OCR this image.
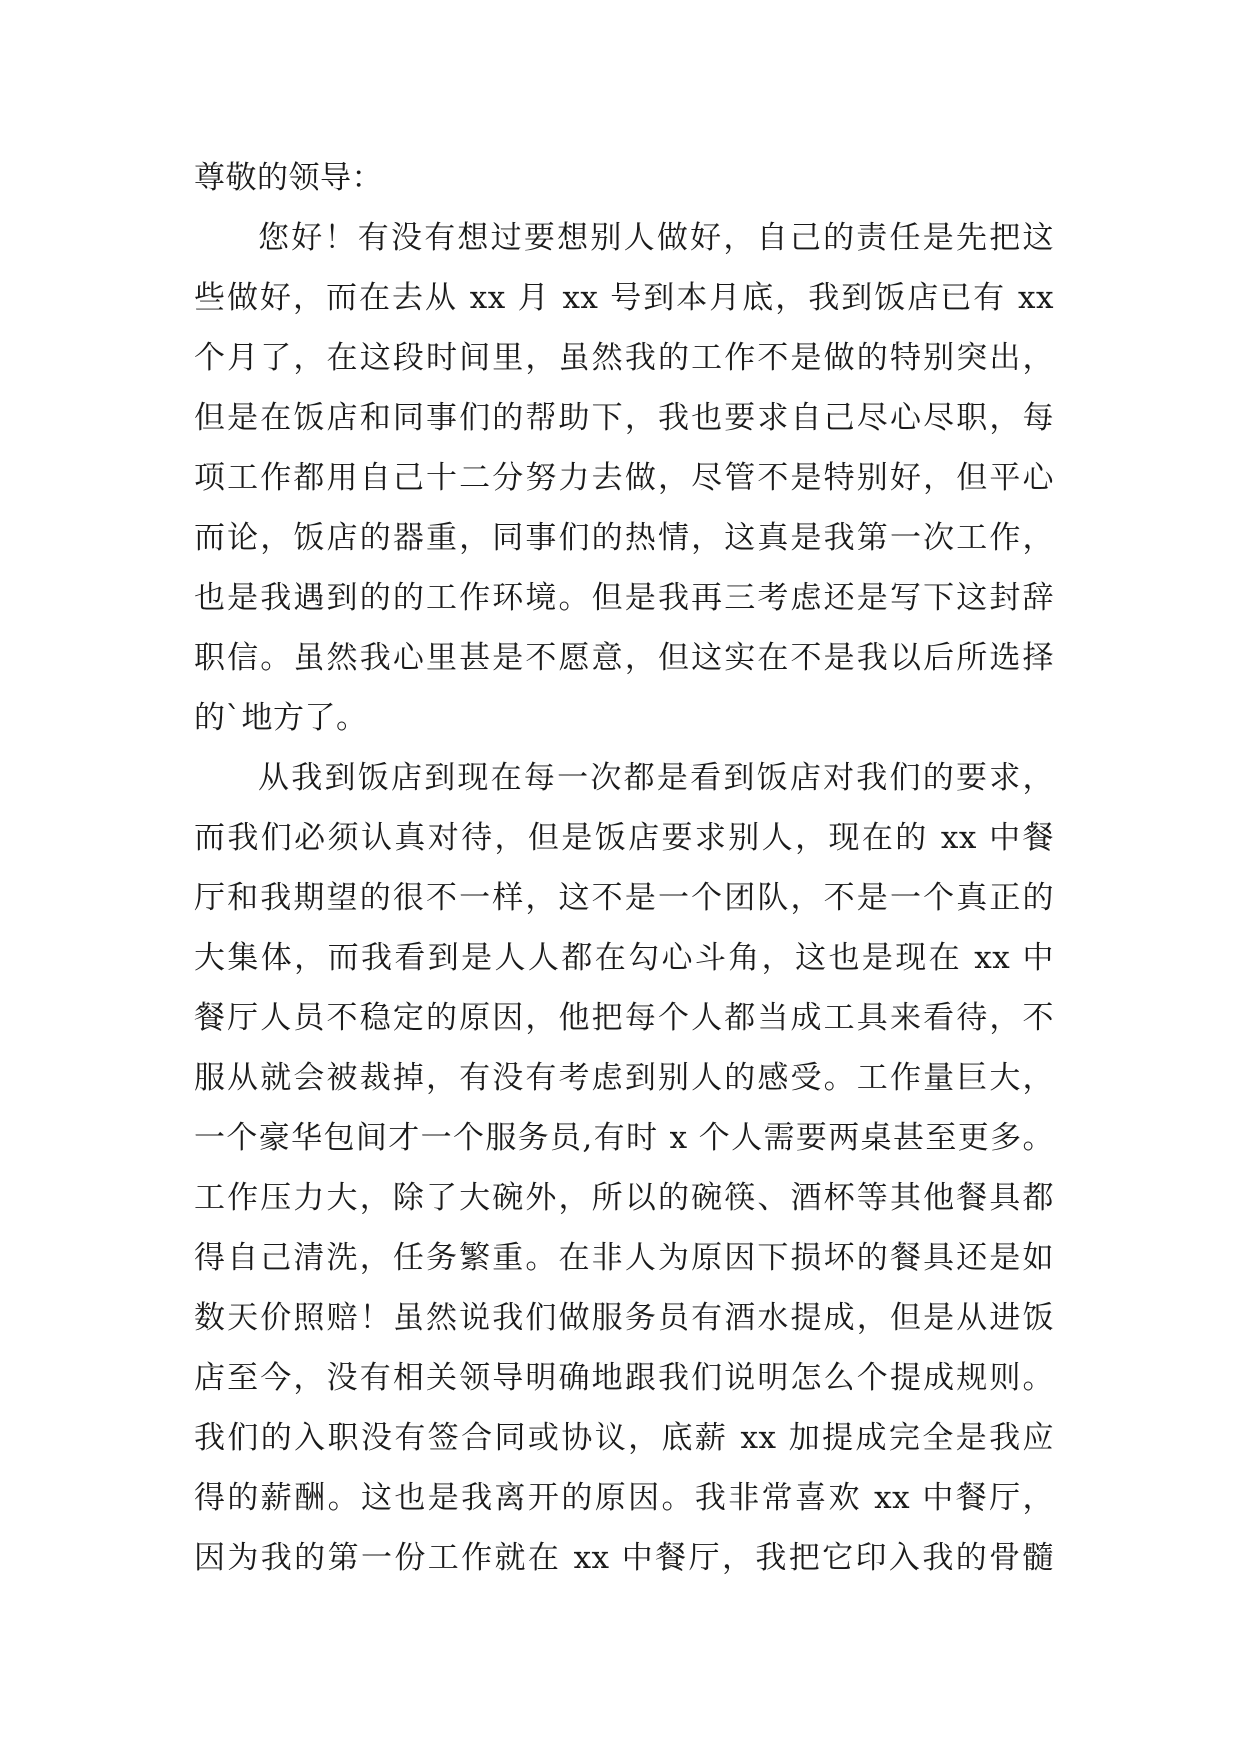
尊敬的领导：
您好！有没有想过要想别人做好，自己的责任是先把这
些做好，而在去从 xx 月 xx 号到本月底，我到饭店已有 xx
个月了，在这段时间里，虽然我的工作不是做的特别突出，
但是在饭店和同事们的帮助下，我也要求自己尽心尽职，每
项工作都用自己十二分努力去做，尽管不是特别好，但平心
而论，饭店的器重，同事们的热情，这真是我第一次工作，
也是我遇到的的工作环境。但是我再三考虑还是写下这封辞
职信。虽然我心里甚是不愿意，但这实在不是我以后所选择
的`地方了。
从我到饭店到现在每一次都是看到饭店对我们的要求，
而我们必须认真对待，但是饭店要求别人，现在的 xx 中餐
厅和我期望的很不一样，这不是一个团队，不是一个真正的
大集体，而我看到是人人都在勾心斗角，这也是现在 xx 中
餐厅人员不稳定的原因，他把每个人都当成工具来看待，不
服从就会被裁掉，有没有考虑到别人的感受。工作量巨大，
一个豪华包间才一个服务员,有时 x 个人需要两桌甚至更多。
工作压力大，除了大碗外，所以的碗筷、酒杯等其他餐具都
得自己清洗，任务繁重。在非人为原因下损坏的餐具还是如
数天价照赔！虽然说我们做服务员有酒水提成，但是从进饭
店至今，没有相关领导明确地跟我们说明怎么个提成规则。
我们的入职没有签合同或协议，底薪 xx 加提成完全是我应
得的薪酬。这也是我离开的原因。我非常喜欢 xx 中餐厅，
因为我的第一份工作就在 xx 中餐厅，我把它印入我的骨髓
